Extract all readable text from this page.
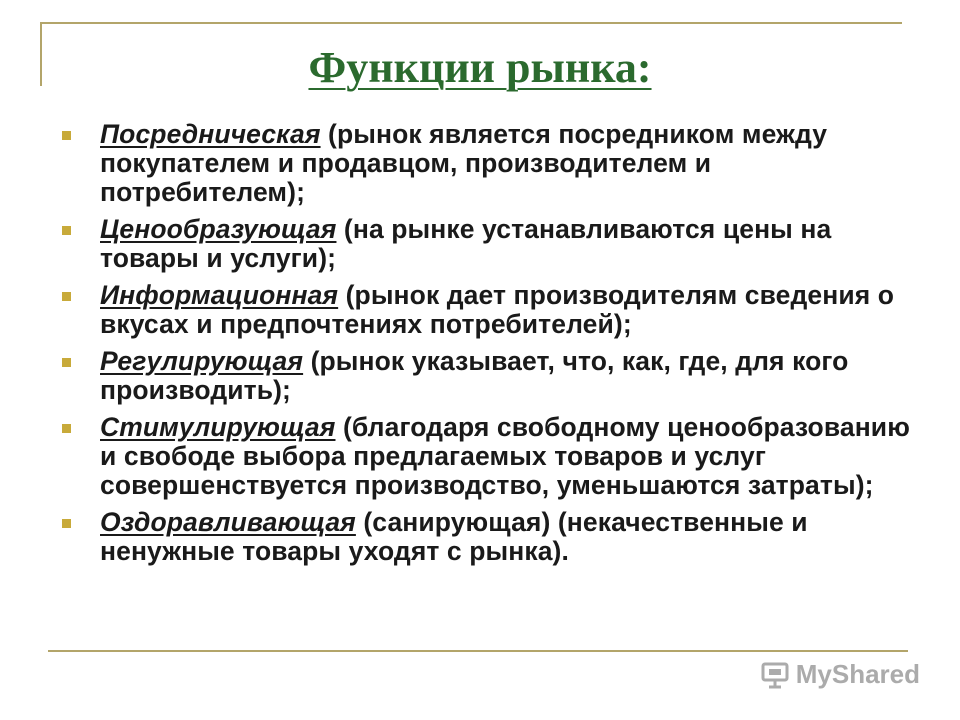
Функции рынка:
Посредническая (рынок является посредником между покупателем и продавцом, производителем и потребителем);
Ценообразующая (на рынке устанавливаются цены на товары и услуги);
Информационная (рынок дает производителям сведения о вкусах и предпочтениях потребителей);
Регулирующая (рынок указывает, что, как, где, для кого производить);
Стимулирующая (благодаря свободному ценообразованию и свободе выбора предлагаемых товаров и услуг совершенствуется производство, уменьшаются затраты);
Оздоравливающая (санирующая) (некачественные и ненужные товары уходят с рынка).
MyShared
